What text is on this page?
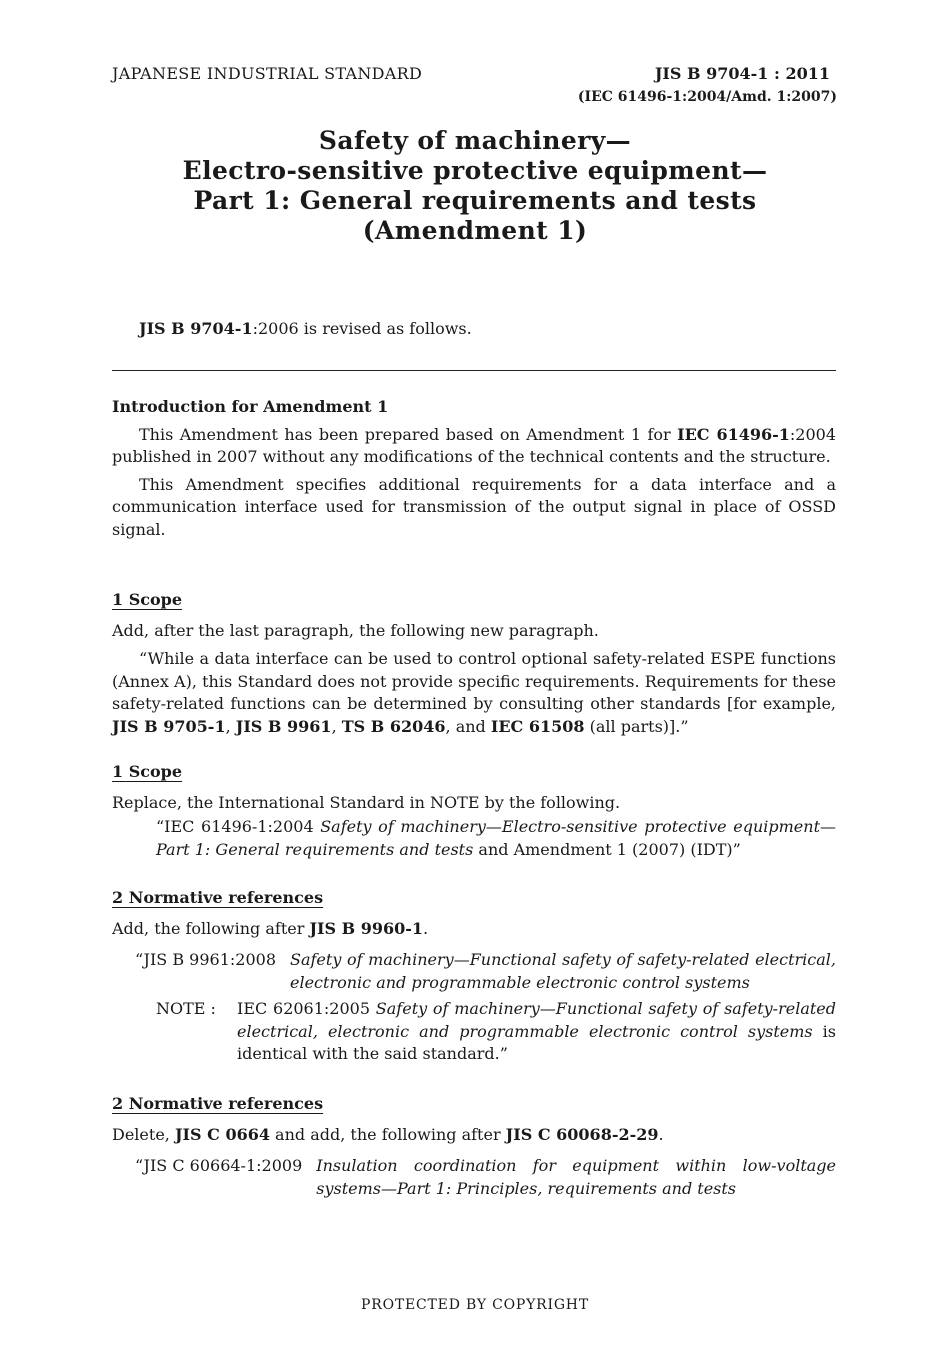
JAPANESE INDUSTRIAL STANDARD	JIS B 9704-1 : 2011
(IEC 61496-1:2004/Amd. 1:2007)
Safety of machinery—
Electro-sensitive protective equipment—
Part 1: General requirements and tests
(Amendment 1)
JIS B 9704-1:2006 is revised as follows.
Introduction for Amendment 1
This Amendment has been prepared based on Amendment 1 for IEC 61496-1:2004 published in 2007 without any modifications of the technical contents and the structure.
This Amendment specifies additional requirements for a data interface and a communication interface used for transmission of the output signal in place of OSSD signal.
1 Scope
Add, after the last paragraph, the following new paragraph.
“While a data interface can be used to control optional safety-related ESPE functions (Annex A), this Standard does not provide specific requirements. Requirements for these safety-related functions can be determined by consulting other standards [for example, JIS B 9705-1, JIS B 9961, TS B 62046, and IEC 61508 (all parts)].”
1 Scope
Replace, the International Standard in NOTE by the following.
“IEC 61496-1:2004 Safety of machinery—Electro-sensitive protective equipment—Part 1: General requirements and tests and Amendment 1 (2007) (IDT)”
2 Normative references
Add, the following after JIS B 9960-1.
“JIS B 9961:2008 Safety of machinery—Functional safety of safety-related electrical, electronic and programmable electronic control systems
NOTE :	IEC 62061:2005 Safety of machinery—Functional safety of safety-related electrical, electronic and programmable electronic control systems is identical with the said standard.”
2 Normative references
Delete, JIS C 0664 and add, the following after JIS C 60068-2-29.
“JIS C 60664-1:2009 Insulation coordination for equipment within low-voltage systems—Part 1: Principles, requirements and tests
PROTECTED BY COPYRIGHT
